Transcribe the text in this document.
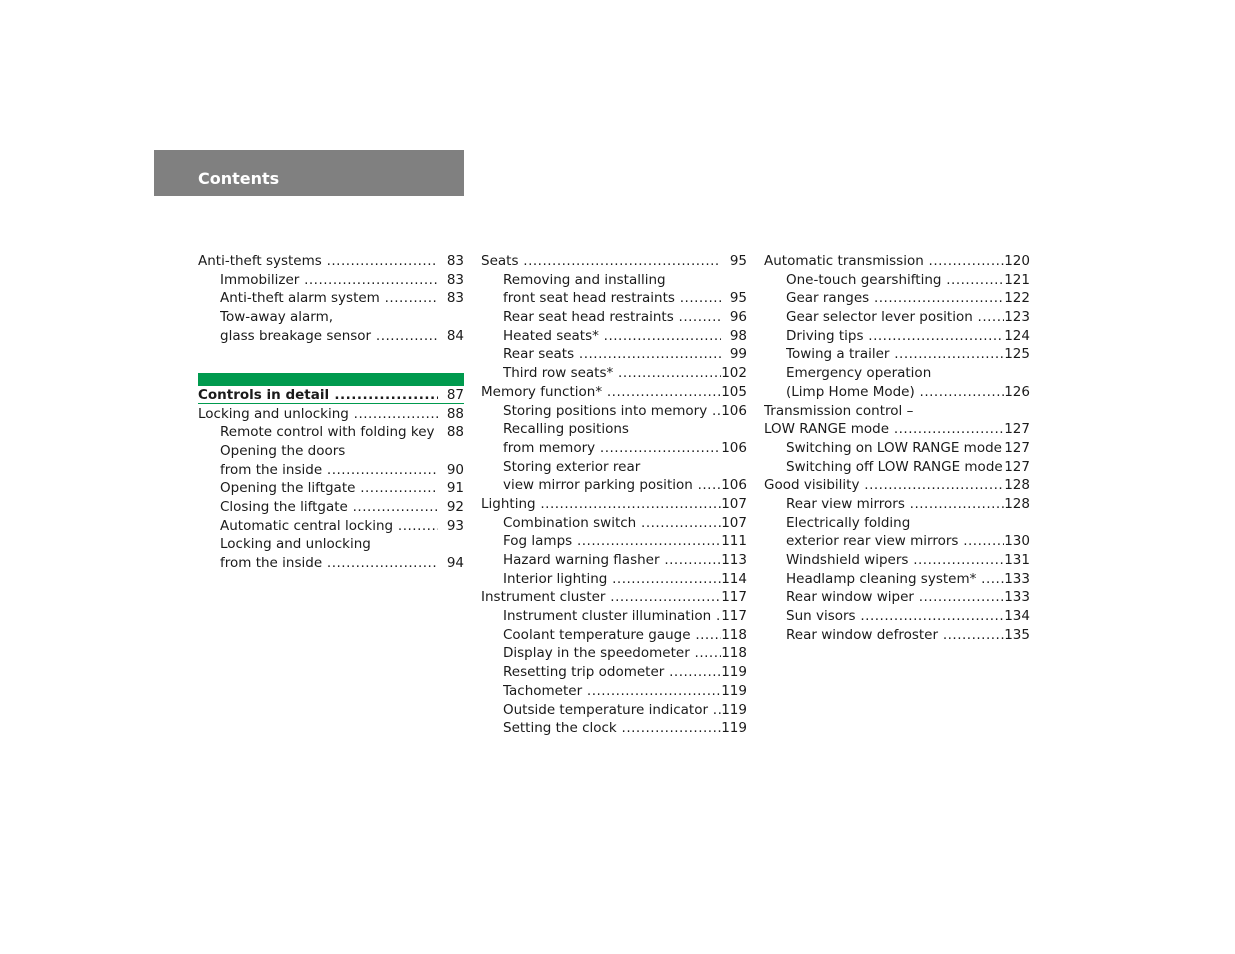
Contents
Anti-theft systems .....	83
Immobilizer .....	83
Anti-theft alarm system .....	83
Tow-away alarm,
glass breakage sensor .....	84
Controls in detail .....	87
Locking and unlocking .....	88
Remote control with folding key ..... 88
Opening the doors
from the inside .....	90
Opening the liftgate .....	91
Closing the liftgate .....	92
Automatic central locking .....	93
Locking and unlocking
from the inside .....	94
Seats .....	95
Removing and installing
front seat head restraints .....	95
Rear seat head restraints .....	96
Heated seats* .....	98
Rear seats .....	99
Third row seats* .....	102
Memory function* .....	105
Storing positions into memory .....	106
Recalling positions
from memory .....	106
Storing exterior rear
view mirror parking position .....	106
Lighting .....	107
Combination switch .....	107
Fog lamps .....	111
Hazard warning flasher .....	113
Interior lighting .....	114
Instrument cluster .....	117
Instrument cluster illumination ..... 117
Coolant temperature gauge .....	118
Display in the speedometer .....	118
Resetting trip odometer .....	119
Tachometer .....	119
Outside temperature indicator ..... 119
Setting the clock .....	119
Automatic transmission .....	120
One-touch gearshifting .....	121
Gear ranges .....	122
Gear selector lever position .....	123
Driving tips .....	124
Towing a trailer .....	125
Emergency operation
(Limp Home Mode) .....	126
Transmission control –
LOW RANGE mode .....	127
Switching on LOW RANGE mode ..... 127
Switching off LOW RANGE mode ..... 127
Good visibility .....	128
Rear view mirrors .....	128
Electrically folding
exterior rear view mirrors .....	130
Windshield wipers .....	131
Headlamp cleaning system* .....	133
Rear window wiper .....	133
Sun visors .....	134
Rear window defroster .....	135
